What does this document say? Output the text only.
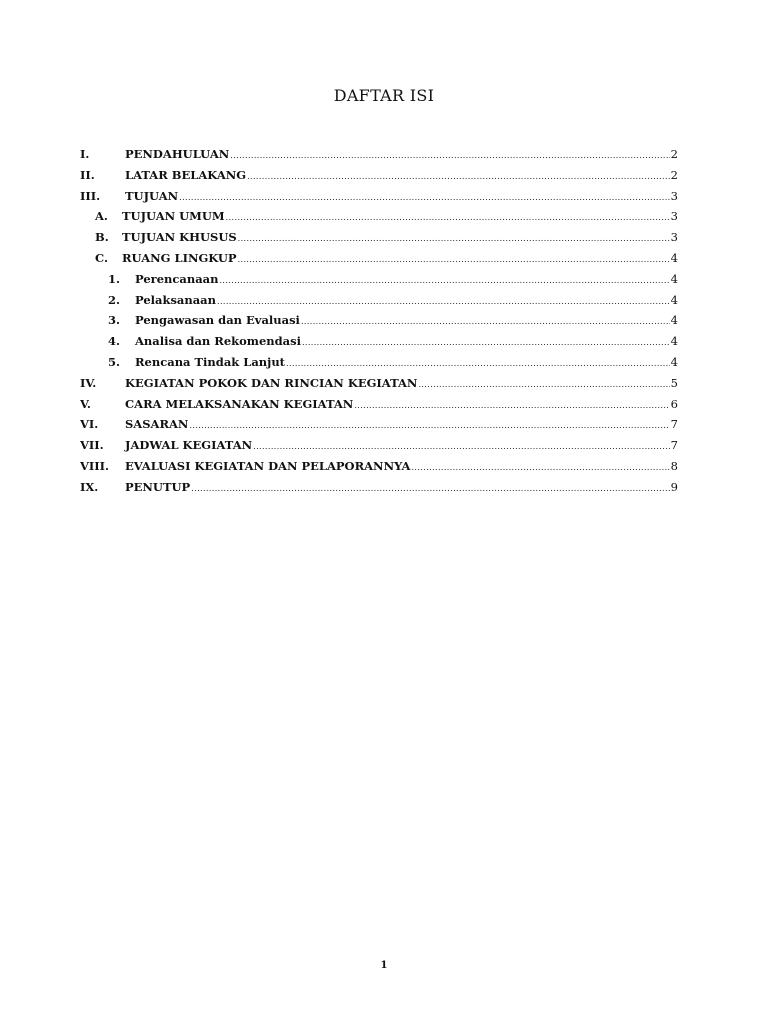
DAFTAR ISI
I.	PENDAHULUAN .....	2
II.	LATAR BELAKANG .....	2
III.	TUJUAN .....	3
A.	TUJUAN UMUM .....	3
B.	TUJUAN KHUSUS .....	3
C.	RUANG LINGKUP .....	4
1.	Perencanaan .....	4
2.	Pelaksanaan .....	4
3.	Pengawasan dan Evaluasi .....	4
4.	Analisa dan Rekomendasi .....	4
5.	Rencana Tindak Lanjut .....	4
IV.	KEGIATAN POKOK DAN RINCIAN KEGIATAN .....	5
V.	CARA MELAKSANAKAN KEGIATAN .....	6
VI.	SASARAN .....	7
VII.	JADWAL KEGIATAN .....	7
VIII.	EVALUASI KEGIATAN DAN PELAPORANNYA .....	8
IX.	PENUTUP .....	9
1
